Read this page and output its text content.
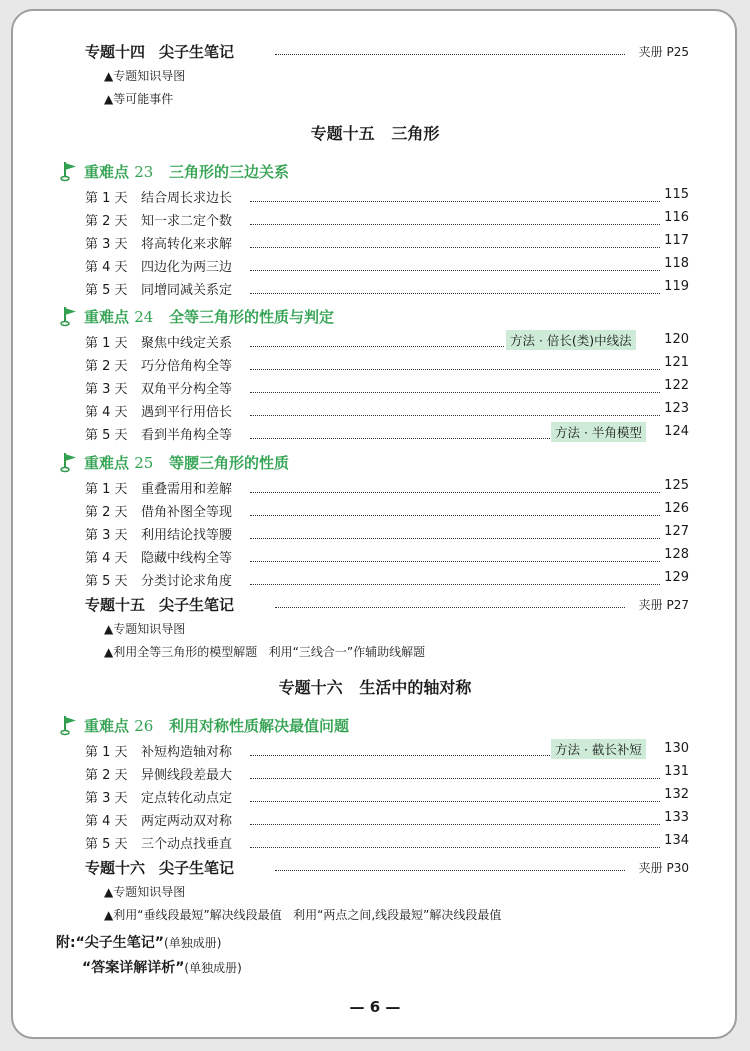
专题十四 尖子生笔记	夹册 P25
▲专题知识导图
▲等可能事件
专题十五   三角形
重难点 23 三角形的三边关系
第 1 天 结合周长求边长	115
第 2 天 知一求二定个数	116
第 3 天 将高转化来求解	117
第 4 天 四边化为两三边	118
第 5 天 同增同减关系定	119
重难点 24 全等三角形的性质与判定
第 1 天 聚焦中线定关系	方法 · 倍长(类)中线法	120
第 2 天 巧分倍角构全等	121
第 3 天 双角平分构全等	122
第 4 天 遇到平行用倍长	123
第 5 天 看到半角构全等	方法 · 半角模型	124
重难点 25 等腰三角形的性质
第 1 天 重叠需用和差解	125
第 2 天 借角补图全等现	126
第 3 天 利用结论找等腰	127
第 4 天 隐藏中线构全等	128
第 5 天 分类讨论求角度	129
专题十五 尖子生笔记	夹册 P27
▲专题知识导图
▲利用全等三角形的模型解题   利用“三线合一”作辅助线解题
专题十六   生活中的轴对称
重难点 26 利用对称性质解决最值问题
第 1 天 补短构造轴对称	方法 · 截长补短	130
第 2 天 异侧线段差最大	131
第 3 天 定点转化动点定	132
第 4 天 两定两动双对称	133
第 5 天 三个动点找垂直	134
专题十六 尖子生笔记	夹册 P30
▲专题知识导图
▲利用“垂线段最短”解决线段最值   利用“两点之间,线段最短”解决线段最值
附:“尖子生笔记”(单独成册)
“答案详解详析”(单独成册)
— 6 —
